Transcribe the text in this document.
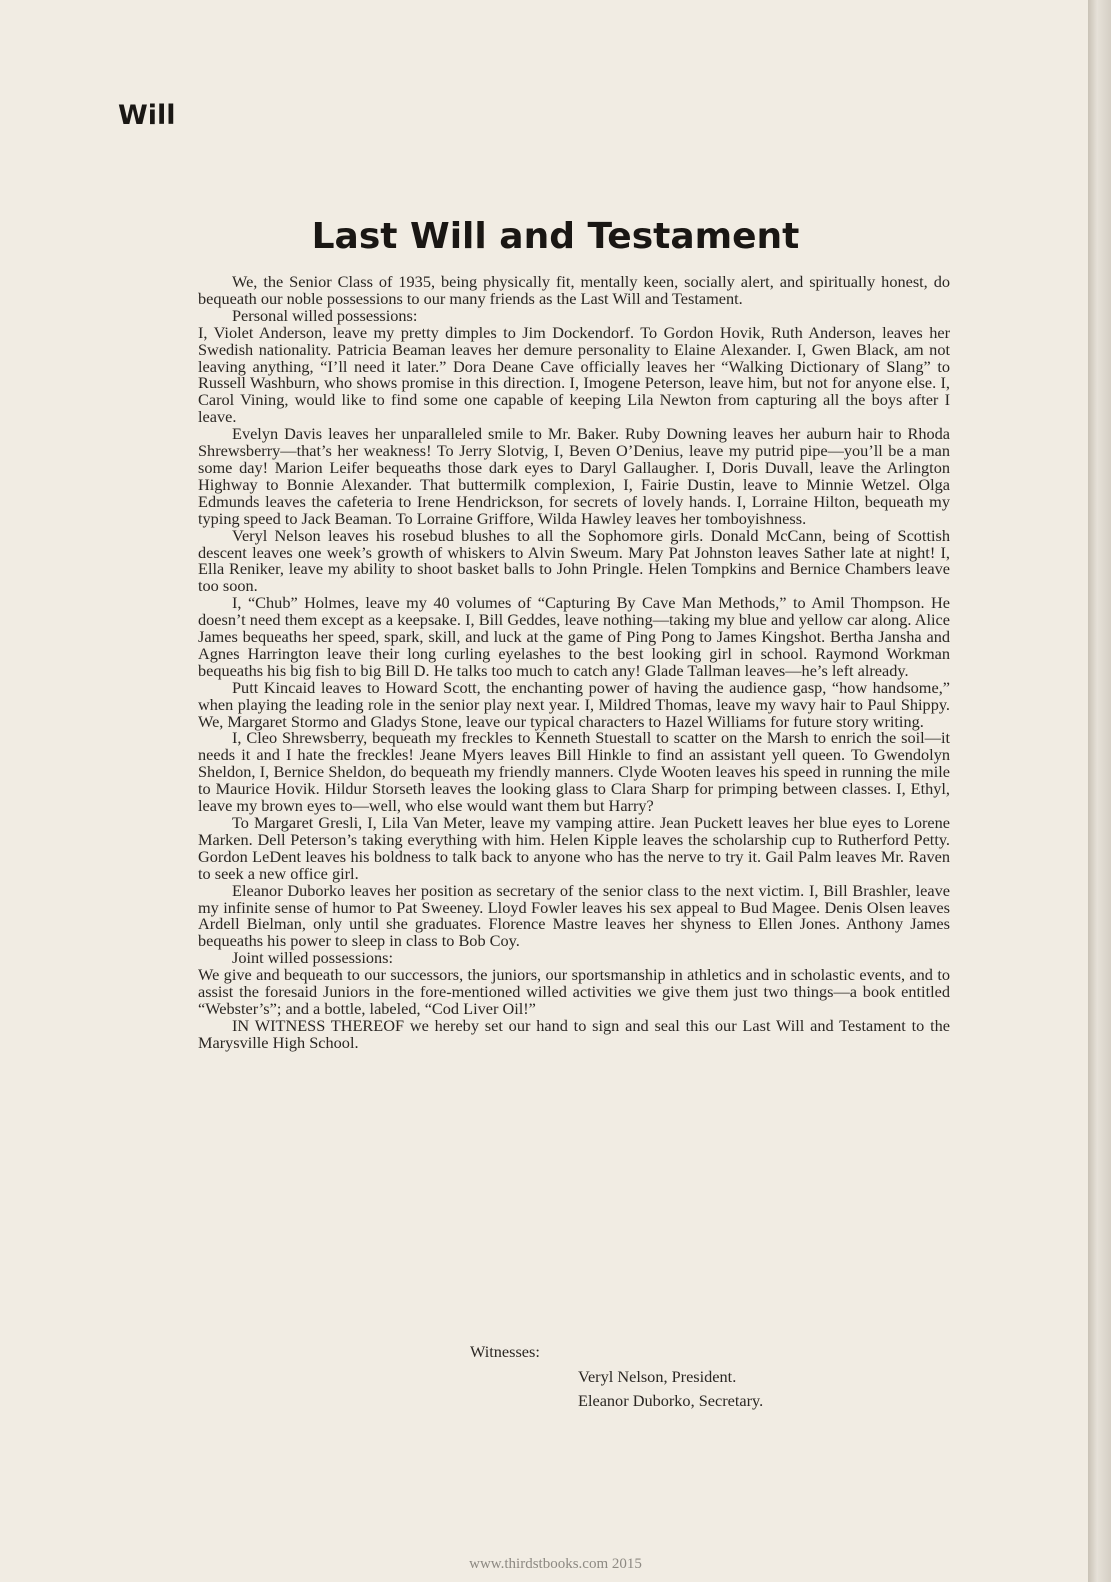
Will
Last Will and Testament

We, the Senior Class of 1935, being physically fit, mentally keen, socially alert, and spiritually honest, do bequeath our noble possessions to our many friends as the Last Will and Testament.

Personal willed possessions:

I, Violet Anderson, leave my pretty dimples to Jim Dockendorf. To Gordon Hovik, Ruth Anderson, leaves her Swedish nationality. Patricia Beaman leaves her demure personality to Elaine Alexander. I, Gwen Black, am not leaving anything, “I’ll need it later.” Dora Deane Cave officially leaves her “Walking Dictionary of Slang” to Russell Washburn, who shows promise in this direction. I, Imogene Peterson, leave him, but not for anyone else. I, Carol Vining, would like to find some one capable of keeping Lila Newton from capturing all the boys after I leave.

Evelyn Davis leaves her unparalleled smile to Mr. Baker. Ruby Downing leaves her auburn hair to Rhoda Shrewsberry—that’s her weakness! To Jerry Slotvig, I, Beven O’Denius, leave my putrid pipe—you’ll be a man some day! Marion Leifer bequeaths those dark eyes to Daryl Gallaugher. I, Doris Duvall, leave the Arlington Highway to Bonnie Alexander. That buttermilk complexion, I, Fairie Dustin, leave to Minnie Wetzel. Olga Edmunds leaves the cafeteria to Irene Hendrickson, for secrets of lovely hands. I, Lorraine Hilton, bequeath my typing speed to Jack Beaman. To Lorraine Griffore, Wilda Hawley leaves her tomboyishness.

Veryl Nelson leaves his rosebud blushes to all the Sophomore girls. Donald McCann, being of Scottish descent leaves one week’s growth of whiskers to Alvin Sweum. Mary Pat Johnston leaves Sather late at night! I, Ella Reniker, leave my ability to shoot basket balls to John Pringle. Helen Tompkins and Bernice Chambers leave too soon.

I, “Chub” Holmes, leave my 40 volumes of “Capturing By Cave Man Methods,” to Amil Thompson. He doesn’t need them except as a keepsake. I, Bill Geddes, leave nothing—taking my blue and yellow car along. Alice James bequeaths her speed, spark, skill, and luck at the game of Ping Pong to James Kingshot. Bertha Jansha and Agnes Harrington leave their long curling eyelashes to the best looking girl in school. Raymond Workman bequeaths his big fish to big Bill D. He talks too much to catch any! Glade Tallman leaves—he’s left already.

Putt Kincaid leaves to Howard Scott, the enchanting power of having the audience gasp, “how handsome,” when playing the leading role in the senior play next year. I, Mildred Thomas, leave my wavy hair to Paul Shippy. We, Margaret Stormo and Gladys Stone, leave our typical characters to Hazel Williams for future story writing.

I, Cleo Shrewsberry, bequeath my freckles to Kenneth Stuestall to scatter on the Marsh to enrich the soil—it needs it and I hate the freckles! Jeane Myers leaves Bill Hinkle to find an assistant yell queen. To Gwendolyn Sheldon, I, Bernice Sheldon, do bequeath my friendly manners. Clyde Wooten leaves his speed in running the mile to Maurice Hovik. Hildur Storseth leaves the looking glass to Clara Sharp for primping between classes. I, Ethyl, leave my brown eyes to—well, who else would want them but Harry?

To Margaret Gresli, I, Lila Van Meter, leave my vamping attire. Jean Puckett leaves her blue eyes to Lorene Marken. Dell Peterson’s taking everything with him. Helen Kipple leaves the scholarship cup to Rutherford Petty. Gordon LeDent leaves his boldness to talk back to anyone who has the nerve to try it. Gail Palm leaves Mr. Raven to seek a new office girl.

Eleanor Duborko leaves her position as secretary of the senior class to the next victim. I, Bill Brashler, leave my infinite sense of humor to Pat Sweeney. Lloyd Fowler leaves his sex appeal to Bud Magee. Denis Olsen leaves Ardell Bielman, only until she graduates. Florence Mastre leaves her shyness to Ellen Jones. Anthony James bequeaths his power to sleep in class to Bob Coy.

Joint willed possessions:

We give and bequeath to our successors, the juniors, our sportsmanship in athletics and in scholastic events, and to assist the foresaid Juniors in the fore-mentioned willed activities we give them just two things—a book entitled “Webster’s”; and a bottle, labeled, “Cod Liver Oil!”

IN WITNESS THEREOF we hereby set our hand to sign and seal this our Last Will and Testament to the Marysville High School.

Witnesses:

Veryl Nelson, President.

Eleanor Duborko, Secretary.

www.thirdstbooks.com 2015
